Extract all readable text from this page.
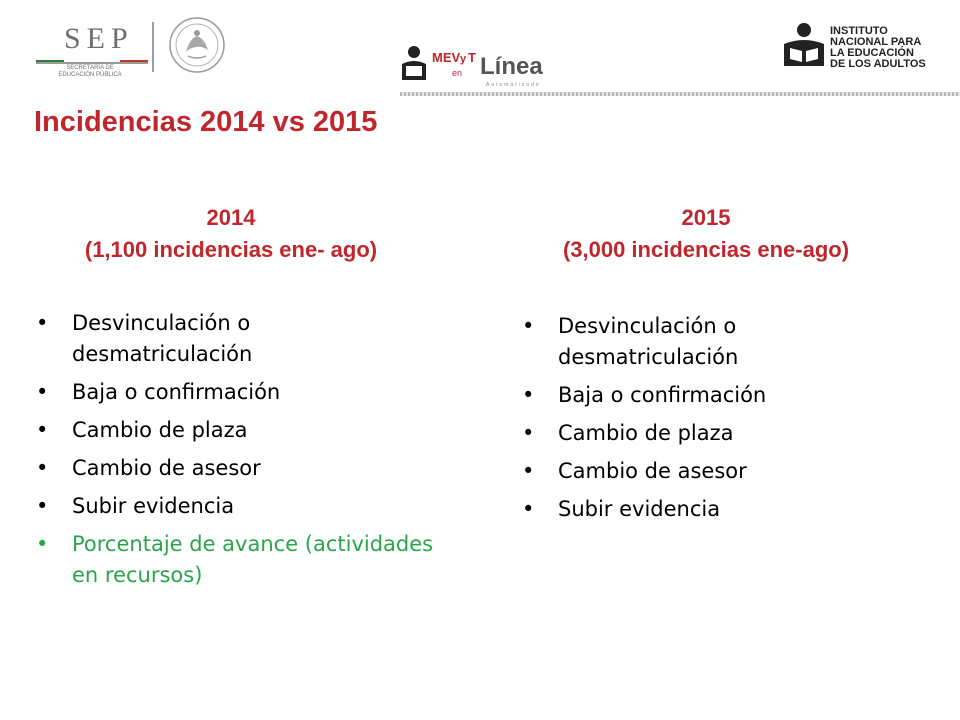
SEP
SECRETARÍA DE
EDUCACIÓN PÚBLICA
MEV y T
en Línea
Automatizado
INSTITUTO
NACIONAL PARA
LA EDUCACIÓN
DE LOS ADULTOS
Incidencias 2014 vs 2015
2014
(1,100 incidencias ene- ago)
2015
(3,000 incidencias ene-ago)
• Desvinculación o desmatriculación
• Baja o confirmación
• Cambio de plaza
• Cambio de asesor
• Subir evidencia
• Porcentaje de avance (actividades en recursos)
• Desvinculación o desmatriculación
• Baja o confirmación
• Cambio de plaza
• Cambio de asesor
• Subir evidencia
